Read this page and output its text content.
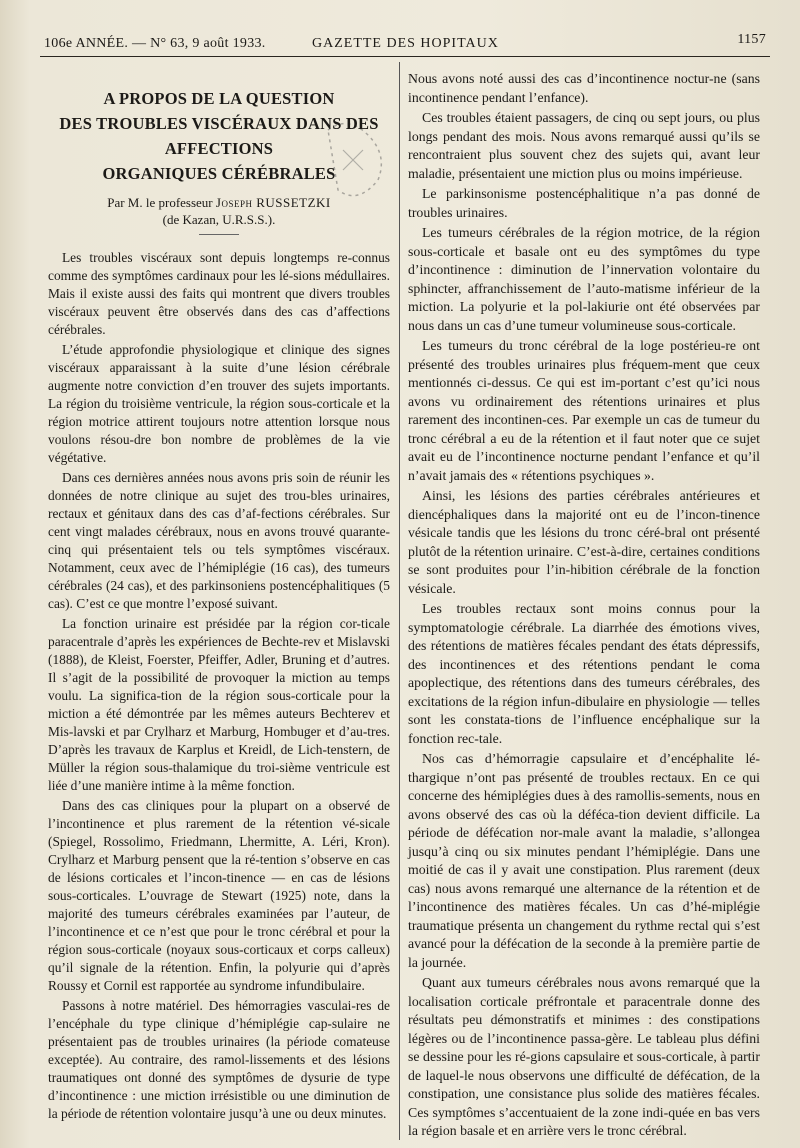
106e ANNÉE. — N° 63, 9 août 1933.	GAZETTE DES HOPITAUX	1157
A PROPOS DE LA QUESTION
DES TROUBLES VISCÉRAUX DANS DES AFFECTIONS
ORGANIQUES CÉRÉBRALES
Par M. le professeur Joseph RUSSETZKI
(de Kazan, U.R.S.S.).

Les troubles viscéraux sont depuis longtemps re-connus comme des symptômes cardinaux pour les lé-sions médullaires. Mais il existe aussi des faits qui montrent que divers troubles viscéraux peuvent être observés dans des cas d’affections cérébrales.

L’étude approfondie physiologique et clinique des signes viscéraux apparaissant à la suite d’une lésion cérébrale augmente notre conviction d’en trouver des sujets importants. La région du troisième ventricule, la région sous-corticale et la région motrice attirent toujours notre attention lorsque nous voulons résou-dre bon nombre de problèmes de la vie végétative.

Dans ces dernières années nous avons pris soin de réunir les données de notre clinique au sujet des trou-bles urinaires, rectaux et génitaux dans des cas d’af-fections cérébrales. Sur cent vingt malades cérébraux, nous en avons trouvé quarante-cinq qui présentaient tels ou tels symptômes viscéraux. Notamment, ceux avec de l’hémiplégie (16 cas), des tumeurs cérébrales (24 cas), et des parkinsoniens postencéphalitiques (5 cas). C’est ce que montre l’exposé suivant.

La fonction urinaire est présidée par la région cor-ticale paracentrale d’après les expériences de Bechte-rev et Mislavski (1888), de Kleist, Foerster, Pfeiffer, Adler, Bruning et d’autres. Il s’agit de la possibilité de provoquer la miction au temps voulu. La significa-tion de la région sous-corticale pour la miction a été démontrée par les mêmes auteurs Bechterev et Mis-lavski et par Crylharz et Marburg, Hombuger et d’au-tres. D’après les travaux de Karplus et Kreidl, de Lich-tenstern, de Müller la région sous-thalamique du troi-sième ventricule est liée d’une manière intime à la même fonction.

Dans des cas cliniques pour la plupart on a observé de l’incontinence et plus rarement de la rétention vé-sicale (Spiegel, Rossolimo, Friedmann, Lhermitte, A. Léri, Kron). Crylharz et Marburg pensent que la ré-tention s’observe en cas de lésions corticales et l’incon-tinence — en cas de lésions sous-corticales. L’ouvrage de Stewart (1925) note, dans la majorité des tumeurs cérébrales examinées par l’auteur, de l’incontinence et ce n’est que pour le tronc cérébral et pour la région sous-corticale (noyaux sous-corticaux et corps calleux) qu’il signale de la rétention. Enfin, la polyurie qui d’après Roussy et Cornil est rapportée au syndrome infundibulaire.

Passons à notre matériel. Des hémorragies vasculai-res de l’encéphale du type clinique d’hémiplégie cap-sulaire ne présentaient pas de troubles urinaires (la période comateuse exceptée). Au contraire, des ramol-lissements et des lésions traumatiques ont donné des symptômes de dysurie de type d’incontinence : une miction irrésistible ou une diminution de la période de rétention volontaire jusqu’à une ou deux minutes.

Nous avons noté aussi des cas d’incontinence noctur-ne (sans incontinence pendant l’enfance).

Ces troubles étaient passagers, de cinq ou sept jours, ou plus longs pendant des mois. Nous avons remarqué aussi qu’ils se rencontraient plus souvent chez des sujets qui, avant leur maladie, présentaient une miction plus ou moins impérieuse.

Le parkinsonisme postencéphalitique n’a pas donné de troubles urinaires.

Les tumeurs cérébrales de la région motrice, de la région sous-corticale et basale ont eu des symptômes du type d’incontinence : diminution de l’innervation volontaire du sphincter, affranchissement de l’auto-matisme inférieur de la miction. La polyurie et la pol-lakiurie ont été observées par nous dans un cas d’une tumeur volumineuse sous-corticale.

Les tumeurs du tronc cérébral de la loge postérieu-re ont présenté des troubles urinaires plus fréquem-ment que ceux mentionnés ci-dessus. Ce qui est im-portant c’est qu’ici nous avons vu ordinairement des rétentions urinaires et plus rarement des incontinen-ces. Par exemple un cas de tumeur du tronc cérébral a eu de la rétention et il faut noter que ce sujet avait eu de l’incontinence nocturne pendant l’enfance et qu’il n’avait jamais des « rétentions psychiques ».

Ainsi, les lésions des parties cérébrales antérieures et diencéphaliques dans la majorité ont eu de l’incon-tinence vésicale tandis que les lésions du tronc céré-bral ont présenté plutôt de la rétention urinaire. C’est-à-dire, certaines conditions se sont produites pour l’in-hibition cérébrale de la fonction vésicale.

Les troubles rectaux sont moins connus pour la symptomatologie cérébrale. La diarrhée des émotions vives, des rétentions de matières fécales pendant des états dépressifs, des incontinences et des rétentions pendant le coma apoplectique, des rétentions dans des tumeurs cérébrales, des excitations de la région infun-dibulaire en physiologie — telles sont les constata-tions de l’influence encéphalique sur la fonction rec-tale.

Nos cas d’hémorragie capsulaire et d’encéphalite lé-thargique n’ont pas présenté de troubles rectaux. En ce qui concerne des hémiplégies dues à des ramollis-sements, nous en avons observé des cas où la déféca-tion devient difficile. La période de défécation nor-male avant la maladie, s’allongea jusqu’à cinq ou six minutes pendant l’hémiplégie. Dans une moitié de cas il y avait une constipation. Plus rarement (deux cas) nous avons remarqué une alternance de la rétention et de l’incontinence des matières fécales. Un cas d’hé-miplégie traumatique présenta un changement du rythme rectal qui s’est avancé pour la défécation de la seconde à la première partie de la journée.

Quant aux tumeurs cérébrales nous avons remarqué que la localisation corticale préfrontale et paracentrale donne des résultats peu démonstratifs et minimes : des constipations légères ou de l’incontinence passa-gère. Le tableau plus défini se dessine pour les ré-gions capsulaire et sous-corticale, à partir de laquel-le nous observons une difficulté de défécation, de la constipation, une consistance plus solide des matières fécales. Ces symptômes s’accentuaient de la zone indi-quée en bas vers la région basale et en arrière vers le tronc cérébral.
